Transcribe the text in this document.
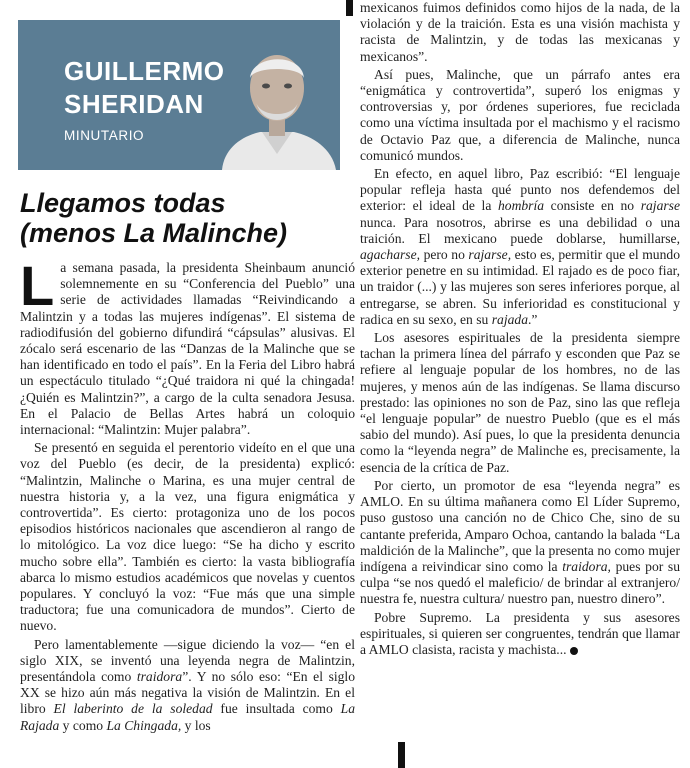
GUILLERMO
SHERIDAN
MINUTARIO
Llegamos todas
(menos La Malinche)

La semana pasada, la presidenta Sheinbaum anunció solemnemente en su “Conferencia del Pueblo” una serie de actividades llamadas “Reivindicando a Malintzin y a todas las mujeres indígenas”. El sistema de radiodifusión del gobierno difundirá “cápsulas” alusivas. El zócalo será escenario de las “Danzas de la Malinche que se han identificado en todo el país”. En la Feria del Libro habrá un espectáculo titulado “¿Qué traidora ni qué la chingada! ¿Quién es Malintzin?”, a cargo de la culta senadora Jesusa. En el Palacio de Bellas Artes habrá un coloquio internacional: “Malintzin: Mujer palabra”.

Se presentó en seguida el perentorio videíto en el que una voz del Pueblo (es decir, de la presidenta) explicó: “Malintzin, Malinche o Marina, es una mujer central de nuestra historia y, a la vez, una figura enigmática y controvertida”. Es cierto: protagoniza uno de los pocos episodios históricos nacionales que ascendieron al rango de lo mitológico. La voz dice luego: “Se ha dicho y escrito mucho sobre ella”. También es cierto: la vasta bibliografía abarca lo mismo estudios académicos que novelas y cuentos populares. Y concluyó la voz: “Fue más que una simple traductora; fue una comunicadora de mundos”. Cierto de nuevo.

Pero lamentablemente —sigue diciendo la voz— “en el siglo XIX, se inventó una leyenda negra de Malintzin, presentándola como traidora”. Y no sólo eso: “En el siglo XX se hizo aún más negativa la visión de Malintzin. En el libro El laberinto de la soledad fue insultada como La Rajada y como La Chingada, y los

mexicanos fuimos definidos como hijos de la nada, de la violación y de la traición. Esta es una visión machista y racista de Malintzin, y de todas las mexicanas y mexicanos”.

Así pues, Malinche, que un párrafo antes era “enigmática y controvertida”, superó los enigmas y controversias y, por órdenes superiores, fue reciclada como una víctima insultada por el machismo y el racismo de Octavio Paz que, a diferencia de Malinche, nunca comunicó mundos.

En efecto, en aquel libro, Paz escribió: “El lenguaje popular refleja hasta qué punto nos defendemos del exterior: el ideal de la hombría consiste en no rajarse nunca. Para nosotros, abrirse es una debilidad o una traición. El mexicano puede doblarse, humillarse, agacharse, pero no rajarse, esto es, permitir que el mundo exterior penetre en su intimidad. El rajado es de poco fiar, un traidor (...) y las mujeres son seres inferiores porque, al entregarse, se abren. Su inferioridad es constitucional y radica en su sexo, en su rajada.”

Los asesores espirituales de la presidenta siempre tachan la primera línea del párrafo y esconden que Paz se refiere al lenguaje popular de los hombres, no de las mujeres, y menos aún de las indígenas. Se llama discurso prestado: las opiniones no son de Paz, sino las que refleja “el lenguaje popular” de nuestro Pueblo (que es el más sabio del mundo). Así pues, lo que la presidenta denuncia como la “leyenda negra” de Malinche es, precisamente, la esencia de la crítica de Paz.

Por cierto, un promotor de esa “leyenda negra” es AMLO. En su última mañanera como El Líder Supremo, puso gustoso una canción no de Chico Che, sino de su cantante preferida, Amparo Ochoa, cantando la balada “La maldición de la Malinche”, que la presenta no como mujer indígena a reivindicar sino como la traidora, pues por su culpa “se nos quedó el maleficio/ de brindar al extranjero/ nuestra fe, nuestra cultura/ nuestro pan, nuestro dinero”.

Pobre Supremo. La presidenta y sus asesores espirituales, si quieren ser congruentes, tendrán que llamar a AMLO clasista, racista y machista...
